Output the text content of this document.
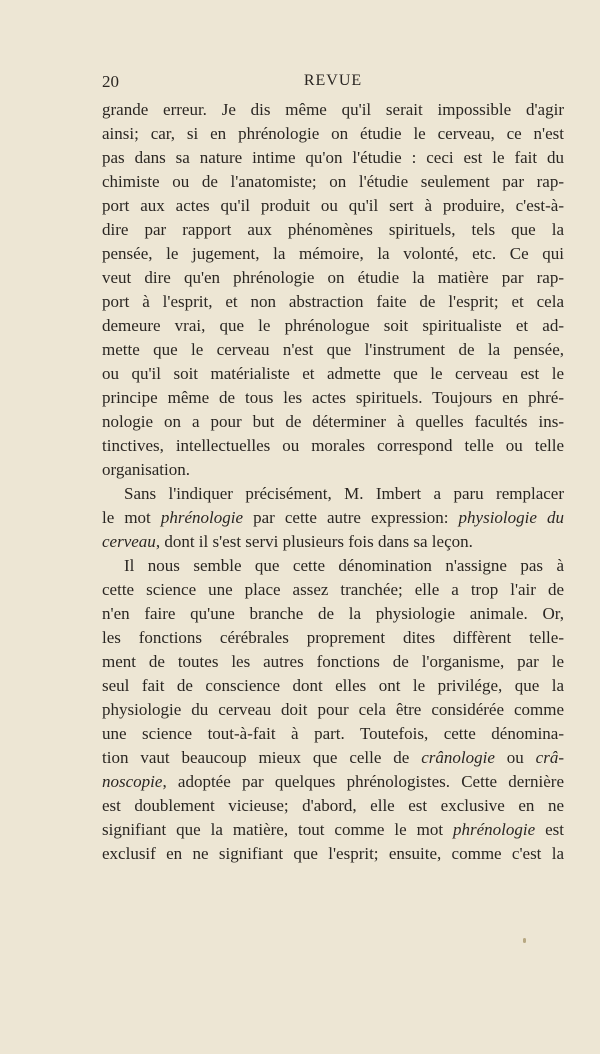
20	REVUE
grande erreur. Je dis même qu'il serait impossible d'agir
ainsi; car, si en phrénologie on étudie le cerveau, ce n'est
pas dans sa nature intime qu'on l'étudie : ceci est le fait du
chimiste ou de l'anatomiste; on l'étudie seulement par rap-
port aux actes qu'il produit ou qu'il sert à produire, c'est-à-
dire par rapport aux phénomènes spirituels, tels que la
pensée, le jugement, la mémoire, la volonté, etc. Ce qui
veut dire qu'en phrénologie on étudie la matière par rap-
port à l'esprit, et non abstraction faite de l'esprit; et cela
demeure vrai, que le phrénologue soit spiritualiste et ad-
mette que le cerveau n'est que l'instrument de la pensée,
ou qu'il soit matérialiste et admette que le cerveau est le
principe même de tous les actes spirituels. Toujours en phré-
nologie on a pour but de déterminer à quelles facultés ins-
tinctives, intellectuelles ou morales correspond telle ou telle
organisation.
Sans l'indiquer précisément, M. Imbert a paru remplacer
le mot phrénologie par cette autre expression: physiologie du
cerveau, dont il s'est servi plusieurs fois dans sa leçon.
Il nous semble que cette dénomination n'assigne pas à
cette science une place assez tranchée; elle a trop l'air de
n'en faire qu'une branche de la physiologie animale. Or,
les fonctions cérébrales proprement dites diffèrent telle-
ment de toutes les autres fonctions de l'organisme, par le
seul fait de conscience dont elles ont le privilége, que la
physiologie du cerveau doit pour cela être considérée comme
une science tout-à-fait à part. Toutefois, cette dénomina-
tion vaut beaucoup mieux que celle de crânologie ou crâ-
noscopie, adoptée par quelques phrénologistes. Cette dernière
est doublement vicieuse; d'abord, elle est exclusive en ne
signifiant que la matière, tout comme le mot phrénologie est
exclusif en ne signifiant que l'esprit; ensuite, comme c'est la
